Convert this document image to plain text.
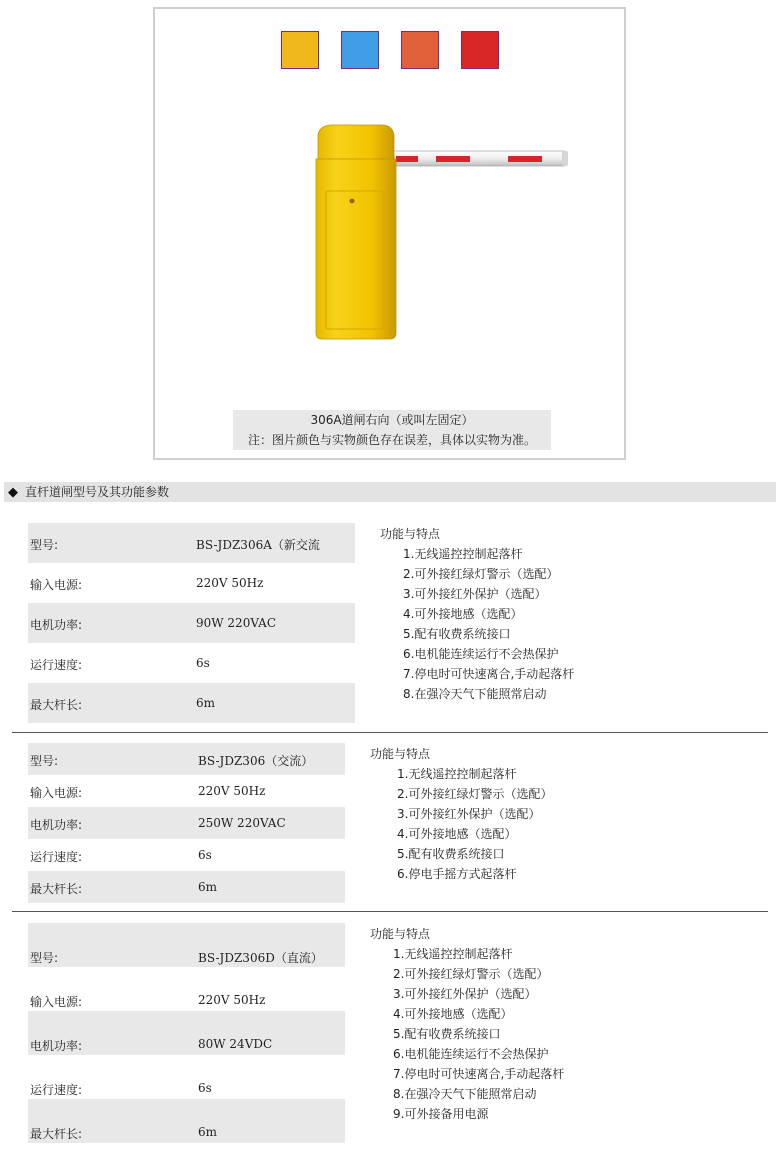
306A道闸右向（或叫左固定）
注：图片颜色与实物颜色存在误差，具体以实物为准。
◆ 直杆道闸型号及其功能参数
型号:	BS-JDZ306A（新交流
输入电源:	220V 50Hz
电机功率:	90W 220VAC
运行速度:	6s
最大杆长:	6m
功能与特点
1.无线遥控控制起落杆
2.可外接红绿灯警示（选配）
3.可外接红外保护（选配）
4.可外接地感（选配）
5.配有收费系统接口
6.电机能连续运行不会热保护
7.停电时可快速离合,手动起落杆
8.在强冷天气下能照常启动
型号:	BS-JDZ306（交流）
输入电源:	220V 50Hz
电机功率:	250W 220VAC
运行速度:	6s
最大杆长:	6m
功能与特点
1.无线遥控控制起落杆
2.可外接红绿灯警示（选配）
3.可外接红外保护（选配）
4.可外接地感（选配）
5.配有收费系统接口
6.停电手摇方式起落杆
型号:	BS-JDZ306D（直流）
输入电源:	220V 50Hz
电机功率:	80W 24VDC
运行速度:	6s
最大杆长:	6m
功能与特点
1.无线遥控控制起落杆
2.可外接红绿灯警示（选配）
3.可外接红外保护（选配）
4.可外接地感（选配）
5.配有收费系统接口
6.电机能连续运行不会热保护
7.停电时可快速离合,手动起落杆
8.在强冷天气下能照常启动
9.可外接备用电源
